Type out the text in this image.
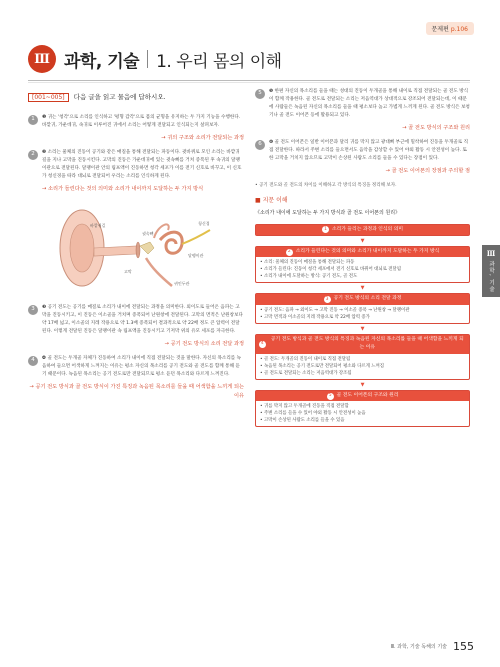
문제편 p.106
Ⅲ 과학, 기술 1. 우리 몸의 이해
[001~005] 다음 글을 읽고 물음에 답하시오.
1	❶ 귀는 '청각'으로 소리를 인식하고 '평형 감각'으로 몸의 균형을 유지하는 두 가지 기능을 수행한다. 바깥귀, 가운데귀, 속귀로 이루어진 귀에서 소리는 어떻게 전달되고 인식되는지 살펴보자.
→ 귀의 구조와 소리가 전달되는 과정
2	❷ 소리는 물체의 진동이 공기와 같은 매질을 통해 전달되는 파동이다. 귓바퀴로 모인 소리는 바깥귀길을 지나 고막을 진동시킨다. 고막의 진동은 가운데귀에 있는 귓속뼈를 거쳐 증폭된 후 속귀의 달팽이관으로 전달된다. 달팽이관 안의 림프액이 진동하면 청각 세포가 이를 전기 신호로 바꾸고, 이 신호가 청신경을 따라 대뇌로 전달되어 우리는 소리를 인식하게 된다.
→ 소리가 들린다는 것의 의미와 소리가 내이까지 도달하는 두 가지 방식
바깥귀길
고막
귓속뼈
달팽이관
청신경
귀인두관
3	❸ 공기 전도는 공기를 매질로 소리가 내이에 전달되는 과정을 의미한다. 외이도로 들어온 음파는 고막을 진동시키고, 이 진동은 이소골을 거치며 증폭되어 난원창에 전달된다. 고막의 면적은 난원창보다 약 17배 넓고, 이소골의 지레 작용으로 약 1.3배 증폭되어 결과적으로 약 22배 정도 큰 압력이 전달된다. 이렇게 전달된 진동은 달팽이관 속 림프액을 진동시키고 기저막 위의 유모 세포를 자극한다.
→ 공기 전도 방식의 소리 전달 과정
4	❹ 골 전도는 두개골 자체가 진동하여 소리가 내이에 직접 전달되는 것을 말한다. 자신의 목소리를 녹음하여 들으면 어색하게 느껴지는 이유는 평소 자신의 목소리를 공기 전도와 골 전도를 함께 통해 듣기 때문이다. 녹음된 목소리는 공기 전도로만 전달되므로 평소 듣던 목소리와 다르게 느껴진다.
→ 공기 전도 방식과 골 전도 방식이 가진 특징과 녹음된 목소리를 들을 때 어색함을 느끼게 되는 이유
5	❺ 한편 자신의 목소리를 들을 때는 성대의 진동이 두개골을 통해 내이로 직접 전달되는 골 전도 방식이 함께 작용한다. 골 전도로 전달되는 소리는 저음역대가 상대적으로 강조되어 전달되는데, 이 때문에 사람들은 녹음된 자신의 목소리를 들을 때 평소보다 높고 가볍게 느끼게 된다. 골 전도 방식은 보청기나 골 전도 이어폰 등에 활용되고 있다.
→ 골 전도 방식의 구조와 원리
6	❻ 골 전도 이어폰은 일반 이어폰과 달리 귀를 막지 않고 광대뼈 부근에 밀착하여 진동을 두개골로 직접 전달한다. 따라서 주변 소리를 들으면서도 음악을 감상할 수 있어 야외 활동 시 안전성이 높다. 또한 고막을 거치지 않으므로 고막이 손상된 사람도 소리를 들을 수 있다는 장점이 있다.
→ 골 전도 이어폰의 장점과 주의할 점
• 공기 전도와 골 전도의 차이를 이해하고 각 방식의 특징을 정리해 보자.
■ 지문 이해
《소리가 내이에 도달하는 두 가지 방식과 골 전도 이어폰의 원리》
1	소리가 들리는 과정과 인식의 의미
▼
2	소리가 들린다는 것의 의미와 소리가 내이까지 도달하는 두 가지 방식
• 소리: 물체의 진동이 매질을 통해 전달되는 파동
• 소리가 들린다: 진동이 청각 세포에서 전기 신호로 바뀌어 대뇌로 전달됨
• 소리가 내이에 도달하는 방식: 공기 전도, 골 전도
▼
3	공기 전도 방식의 소리 전달 과정
• 공기 전도: 음파 → 외이도 → 고막 진동 → 이소골 증폭 → 난원창 → 달팽이관
• 고막 면적과 이소골의 지레 작용으로 약 22배 압력 증가
▼
4
공기 전도 방식과 골 전도 방식의 특징과 녹음된 자신의 목소리를 들을 때 어색함을 느끼게 되는 이유
• 골 전도: 두개골의 진동이 내이로 직접 전달됨
• 녹음된 목소리는 공기 전도로만 전달되어 평소와 다르게 느껴짐
• 골 전도로 전달되는 소리는 저음역대가 강조됨
▼
5	골 전도 이어폰의 구조와 원리
• 귀를 막지 않고 두개골에 진동을 직접 전달함
• 주변 소리를 들을 수 있어 야외 활동 시 안전성이 높음
• 고막이 손상된 사람도 소리를 들을 수 있음
Ⅲ
과학, 기술
Ⅲ. 과학, 기술 독해의 기술 155
